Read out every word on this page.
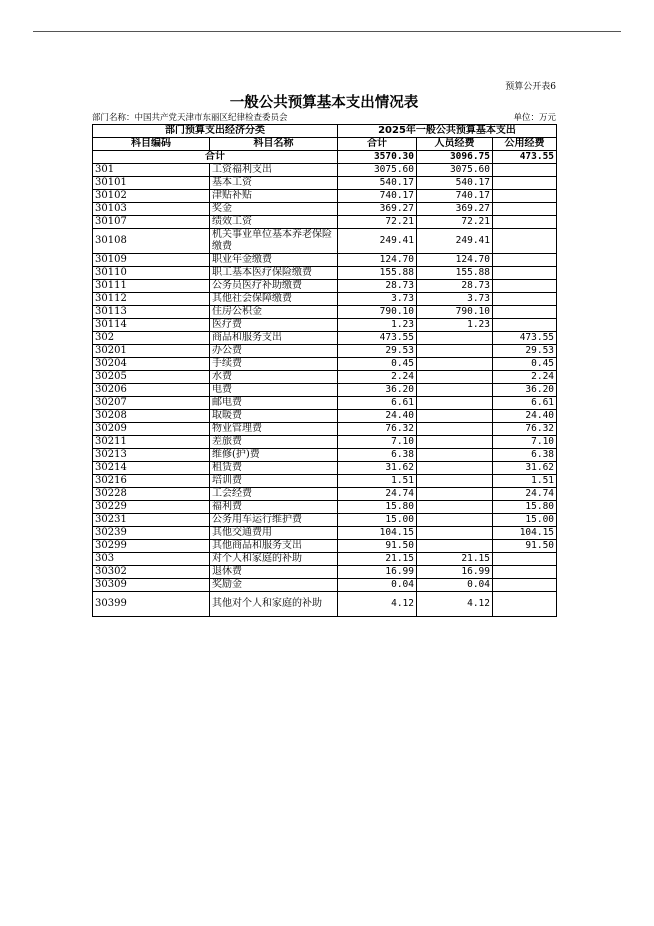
预算公开表6
一般公共预算基本支出情况表
部门名称：中国共产党天津市东丽区纪律检查委员会	单位：万元
部门预算支出经济分类		2025年一般公共预算基本支出		
科目编码	科目名称	合计	人员经费	公用经费
合计		3570.30	3096.75	473.55
301	工资福利支出	3075.60	3075.60	
30101	基本工资	540.17	540.17	
30102	津贴补贴	740.17	740.17	
30103	奖金	369.27	369.27	
30107	绩效工资	72.21	72.21	
30108	机关事业单位基本养老保险缴费	249.41	249.41	
30109	职业年金缴费	124.70	124.70	
30110	职工基本医疗保险缴费	155.88	155.88	
30111	公务员医疗补助缴费	28.73	28.73	
30112	其他社会保障缴费	3.73	3.73	
30113	住房公积金	790.10	790.10	
30114	医疗费	1.23	1.23	
302	商品和服务支出	473.55		473.55
30201	办公费	29.53		29.53
30204	手续费	0.45		0.45
30205	水费	2.24		2.24
30206	电费	36.20		36.20
30207	邮电费	6.61		6.61
30208	取暖费	24.40		24.40
30209	物业管理费	76.32		76.32
30211	差旅费	7.10		7.10
30213	维修(护)费	6.38		6.38
30214	租赁费	31.62		31.62
30216	培训费	1.51		1.51
30228	工会经费	24.74		24.74
30229	福利费	15.80		15.80
30231	公务用车运行维护费	15.00		15.00
30239	其他交通费用	104.15		104.15
30299	其他商品和服务支出	91.50		91.50
303	对个人和家庭的补助	21.15	21.15	
30302	退休费	16.99	16.99	
30309	奖励金	0.04	0.04	
30399	其他对个人和家庭的补助	4.12	4.12	
